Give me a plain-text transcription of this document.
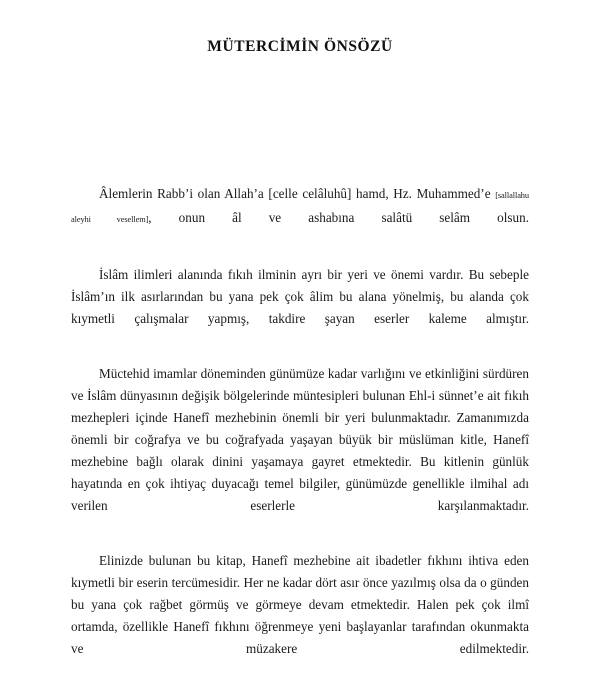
MÜTERCİMİN ÖNSÖZÜ

Âlemlerin Rabb’i olan Allah’a [celle celâluhû] hamd, Hz. Muhammed’e [sallallahu aleyhi vesellem], onun âl ve ashabına salâtü selâm olsun.

İslâm ilimleri alanında fıkıh ilminin ayrı bir yeri ve önemi vardır. Bu sebeple İslâm’ın ilk asırlarından bu yana pek çok âlim bu alana yönelmiş, bu alanda çok kıymetli çalışmalar yapmış, takdire şayan eserler kaleme almıştır.

Müctehid imamlar döneminden günümüze kadar varlığını ve etkinliğini sürdüren ve İslâm dünyasının değişik bölgelerinde müntesipleri bulunan Ehl-i sünnet’e ait fıkıh mezhepleri içinde Hanefî mezhebinin önemli bir yeri bulunmaktadır. Zamanımızda önemli bir coğrafya ve bu coğrafyada yaşayan büyük bir müslüman kitle, Hanefî mezhebine bağlı olarak dinini yaşamaya gayret etmektedir. Bu kitlenin günlük hayatında en çok ihtiyaç duyacağı temel bilgiler, günümüzde genellikle ilmihal adı verilen eserlerle karşılanmaktadır.

Elinizde bulunan bu kitap, Hanefî mezhebine ait ibadetler fıkhını ihtiva eden kıymetli bir eserin tercümesidir. Her ne kadar dört asır önce yazılmış olsa da o günden bu yana çok rağbet görmüş ve görmeye devam etmektedir. Halen pek çok ilmî ortamda, özellikle Hanefî fıkhını öğrenmeye yeni başlayanlar tarafından okunmakta ve müzakere edilmektedir.
